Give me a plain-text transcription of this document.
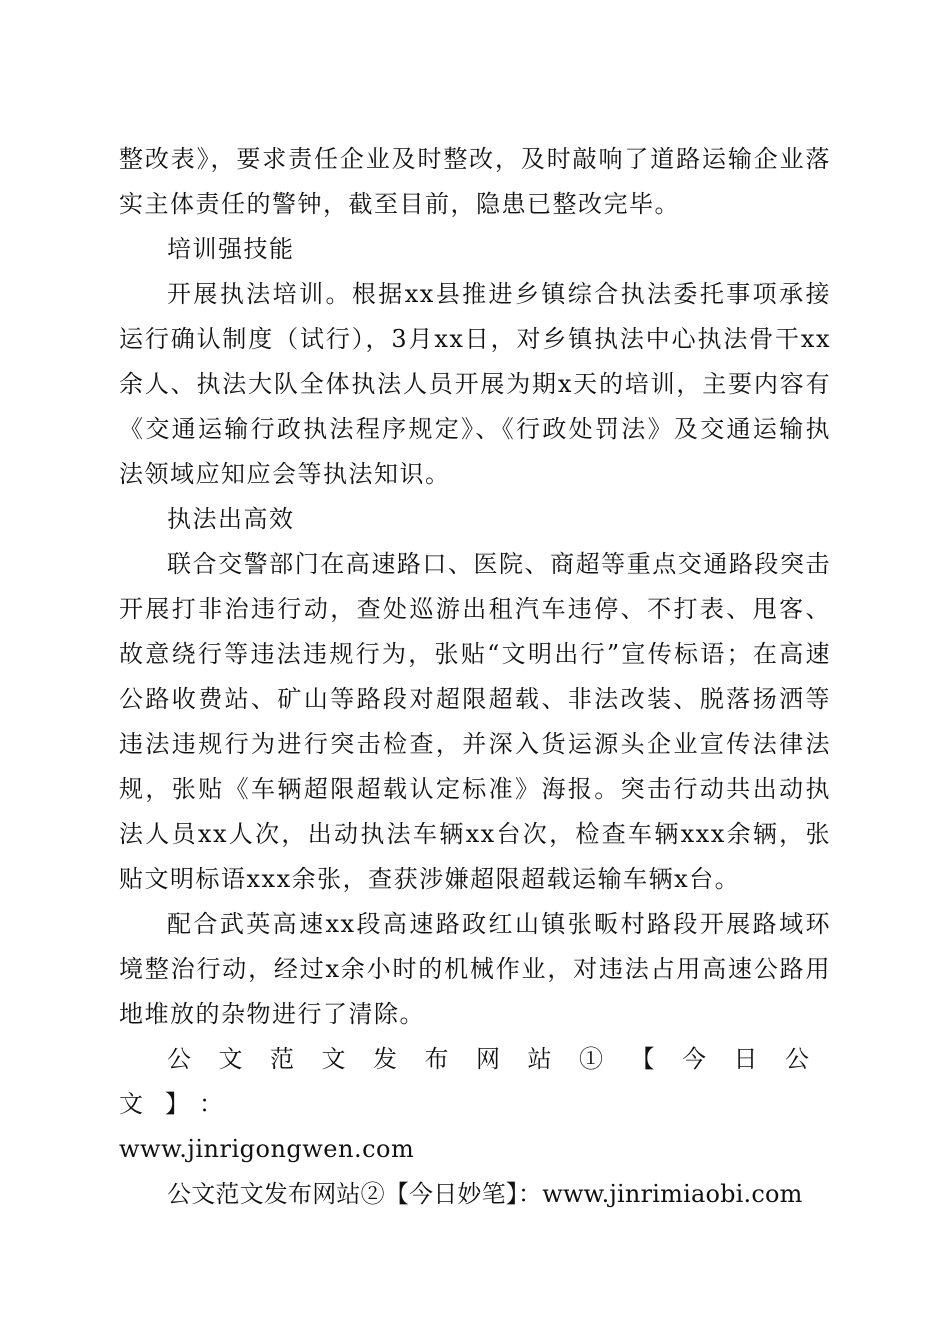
整改表》，要求责任企业及时整改，及时敲响了道路运输企业落实主体责任的警钟，截至目前，隐患已整改完毕。

培训强技能

开展执法培训。根据xx县推进乡镇综合执法委托事项承接运行确认制度（试行），3月xx日，对乡镇执法中心执法骨干xx余人、执法大队全体执法人员开展为期x天的培训，主要内容有《交通运输行政执法程序规定》、《行政处罚法》及交通运输执法领域应知应会等执法知识。

执法出高效

联合交警部门在高速路口、医院、商超等重点交通路段突击开展打非治违行动，查处巡游出租汽车违停、不打表、甩客、故意绕行等违法违规行为，张贴“文明出行”宣传标语；在高速公路收费站、矿山等路段对超限超载、非法改装、脱落扬洒等违法违规行为进行突击检查，并深入货运源头企业宣传法律法规，张贴《车辆超限超载认定标准》海报。突击行动共出动执法人员xx人次，出动执法车辆xx台次，检查车辆xxx余辆，张贴文明标语xxx余张，查获涉嫌超限超载运输车辆x台。

配合武英高速xx段高速路政红山镇张畈村路段开展路域环境整治行动，经过x余小时的机械作业，对违法占用高速公路用地堆放的杂物进行了清除。

公文范文发布网站①【今日公文】：

www.jinrigongwen.com

公文范文发布网站②【今日妙笔】：www.jinrimiaobi.com
